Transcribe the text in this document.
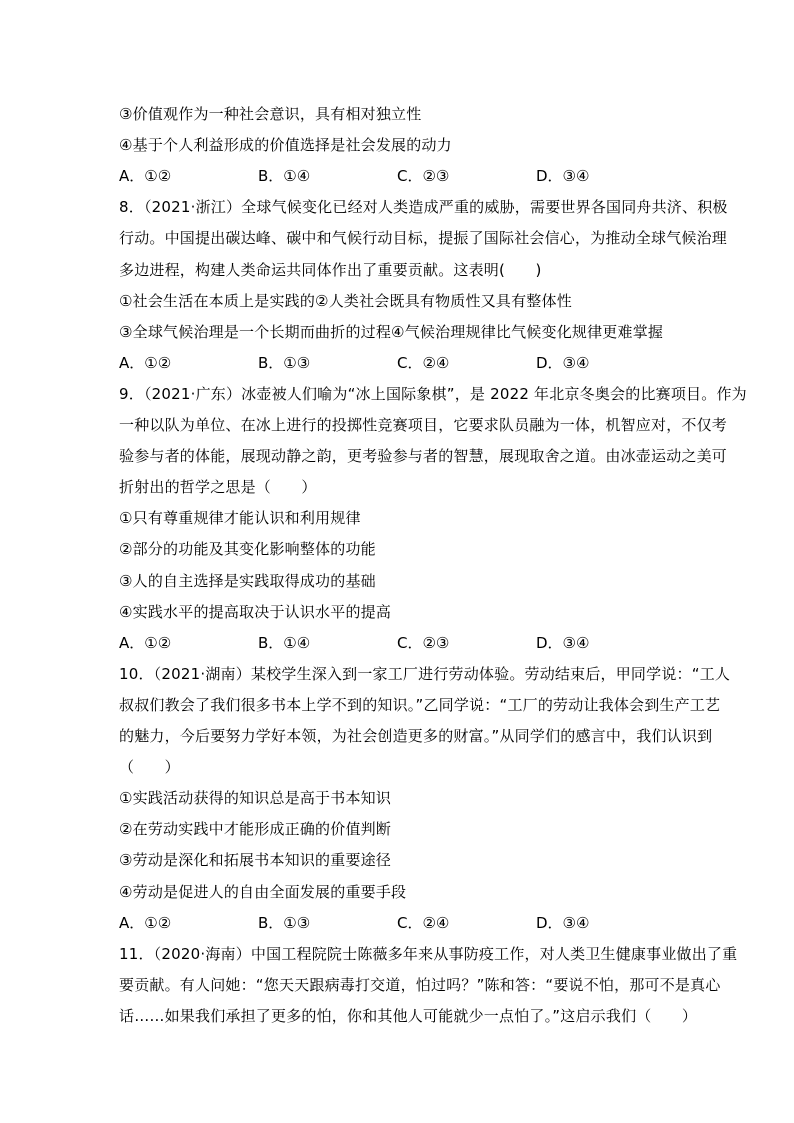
③价值观作为一种社会意识，具有相对独立性
④基于个人利益形成的价值选择是社会发展的动力
A．①②	B．①④	C．②③	D．③④
8．（2021·浙江）全球气候变化已经对人类造成严重的威胁，需要世界各国同舟共济、积极
行动。中国提出碳达峰、碳中和气候行动目标，提振了国际社会信心，为推动全球气候治理
多边进程，构建人类命运共同体作出了重要贡献。这表明(　　)
①社会生活在本质上是实践的②人类社会既具有物质性又具有整体性
③全球气候治理是一个长期而曲折的过程④气候治理规律比气候变化规律更难掌握
A．①②	B．①③	C．②④	D．③④
9．（2021·广东）冰壶被人们喻为“冰上国际象棋”，是 2022 年北京冬奥会的比赛项目。作为
一种以队为单位、在冰上进行的投掷性竞赛项目，它要求队员融为一体，机智应对，不仅考
验参与者的体能，展现动静之韵，更考验参与者的智慧，展现取舍之道。由冰壶运动之美可
折射出的哲学之思是（　　）
①只有尊重规律才能认识和利用规律
②部分的功能及其变化影响整体的功能
③人的自主选择是实践取得成功的基础
④实践水平的提高取决于认识水平的提高
A．①②	B．①④	C．②③	D．③④
10．（2021·湖南）某校学生深入到一家工厂进行劳动体验。劳动结束后，甲同学说：“工人
叔叔们教会了我们很多书本上学不到的知识。”乙同学说：“工厂的劳动让我体会到生产工艺
的魅力，今后要努力学好本领，为社会创造更多的财富。”从同学们的感言中，我们认识到
（　　）
①实践活动获得的知识总是高于书本知识
②在劳动实践中才能形成正确的价值判断
③劳动是深化和拓展书本知识的重要途径
④劳动是促进人的自由全面发展的重要手段
A．①②	B．①③	C．②④	D．③④
11．（2020·海南）中国工程院院士陈薇多年来从事防疫工作，对人类卫生健康事业做出了重
要贡献。有人问她：“您天天跟病毒打交道，怕过吗？”陈和答：“要说不怕，那可不是真心
话……如果我们承担了更多的怕，你和其他人可能就少一点怕了。”这启示我们（　　）
